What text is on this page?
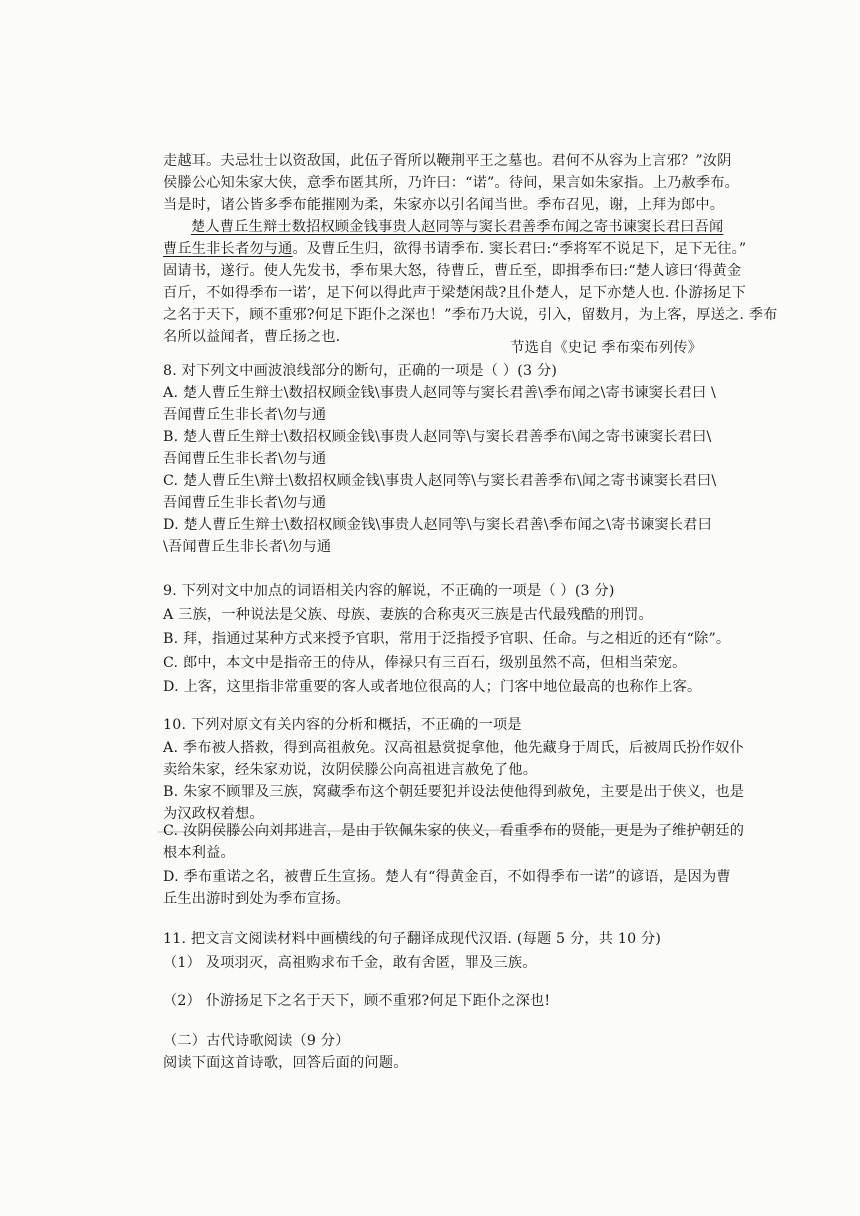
走越耳。夫忌壮士以资敌国，此伍子胥所以鞭荆平王之墓也。君何不从容为上言邪？”汝阴
侯滕公心知朱家大侠，意季布匿其所，乃许曰：“诺”。待间，果言如朱家指。上乃赦季布。
当是时，诸公皆多季布能摧刚为柔，朱家亦以引名闻当世。季布召见，谢，上拜为郎中。
楚人曹丘生辩士数招权顾金钱事贵人赵同等与窦长君善季布闻之寄书谏窦长君曰吾闻
曹丘生非长者勿与通。及曹丘生归，欲得书请季布. 窦长君曰:“季将军不说足下，足下无往。”
固请书，遂行。使人先发书，季布果大怒，待曹丘，曹丘至，即揖季布曰:“楚人谚曰‘得黄金
百斤，不如得季布一诺’，足下何以得此声于梁楚闲哉?且仆楚人，足下亦楚人也. 仆游扬足下
之名于天下，顾不重邪?何足下距仆之深也！”季布乃大说，引入，留数月，为上客，厚送之. 季布
名所以益闻者，曹丘扬之也.
节选自《史记 季布栾布列传》
8. 对下列文中画波浪线部分的断句，正确的一项是（ ）(3 分)
A. 楚人曹丘生辩士\数招权顾金钱\事贵人赵同等与窦长君善\季布闻之\寄书谏窦长君曰 \
吾闻曹丘生非长者\勿与通
B. 楚人曹丘生辩士\数招权顾金钱\事贵人赵同等\与窦长君善季布\闻之寄书谏窦长君曰\
吾闻曹丘生非长者\勿与通
C. 楚人曹丘生\辩士\数招权顾金钱\事贵人赵同等\与窦长君善季布\闻之寄书谏窦长君曰\
吾闻曹丘生非长者\勿与通
D. 楚人曹丘生辩士\数招权顾金钱\事贵人赵同等\与窦长君善\季布闻之\寄书谏窦长君曰
\吾闻曹丘生非长者\勿与通
9. 下列对文中加点的词语相关内容的解说，不正确的一项是（ ）(3 分)
A 三族，一种说法是父族、母族、妻族的合称夷灭三族是古代最残酷的刑罚。
B. 拜，指通过某种方式来授予官职，常用于泛指授予官职、任命。与之相近的还有“除”。
C. 郎中，本文中是指帝王的侍从，俸禄只有三百石，级别虽然不高，但相当荣宠。
D. 上客，这里指非常重要的客人或者地位很高的人；门客中地位最高的也称作上客。
10. 下列对原文有关内容的分析和概括，不正确的一项是
A. 季布被人搭救，得到高祖赦免。汉高祖悬赏捉拿他，他先藏身于周氏，后被周氏扮作奴仆
卖给朱家，经朱家劝说，汝阴侯滕公向高祖进言赦免了他。
B. 朱家不顾罪及三族，窝藏季布这个朝廷要犯并设法使他得到赦免，主要是出于侠义，也是
为汉政权着想。
C. 汝阴侯滕公向刘邦进言，是由于钦佩朱家的侠义，看重季布的贤能，更是为了维护朝廷的
根本利益。
D. 季布重诺之名，被曹丘生宣扬。楚人有“得黄金百，不如得季布一诺”的谚语，是因为曹
丘生出游时到处为季布宣扬。
11. 把文言文阅读材料中画横线的句子翻译成现代汉语. (每题 5 分，共 10 分)
（1） 及项羽灭，高祖购求布千金，敢有舍匿，罪及三族。
（2） 仆游扬足下之名于天下，顾不重邪?何足下距仆之深也!
（二）古代诗歌阅读（9 分）
阅读下面这首诗歌，回答后面的问题。
